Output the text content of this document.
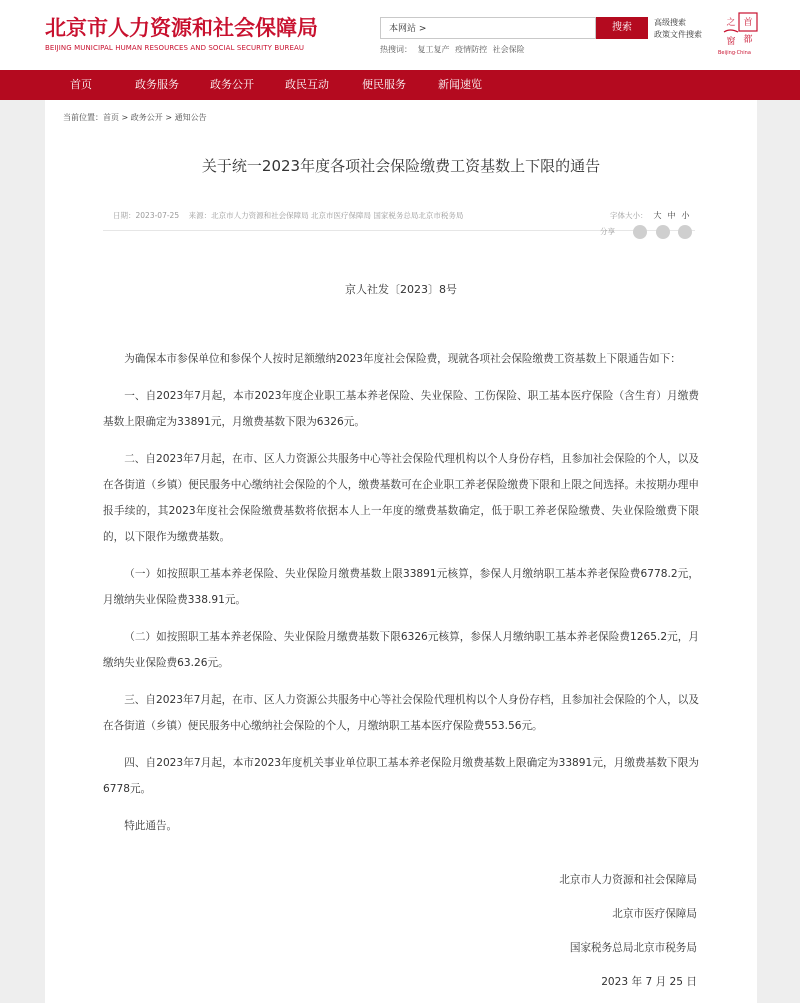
北京市人力资源和社会保障局
BEIJING MUNICIPAL HUMAN RESOURCES AND SOCIAL SECURITY BUREAU
本网站 >	搜索	高级搜索
政策文件搜索
热搜词： 复工复产 疫情防控 社会保险
首
都
之
窗
Beijing·China
首页	政务服务	政务公开	政民互动	便民服务	新闻速览
当前位置：首页 > 政务公开 > 通知公告
关于统一2023年度各项社会保险缴费工资基数上下限的通告
日期：2023-07-25 来源：北京市人力资源和社会保障局 北京市医疗保障局 国家税务总局北京市税务局	字体大小： 大 中 小
分享
京人社发〔2023〕8号

为确保本市参保单位和参保个人按时足额缴纳2023年度社会保险费，现就各项社会保险缴费工资基数上下限通告如下：

一、自2023年7月起，本市2023年度企业职工基本养老保险、失业保险、工伤保险、职工基本医疗保险（含生育）月缴费基数上限确定为33891元，月缴费基数下限为6326元。

二、自2023年7月起，在市、区人力资源公共服务中心等社会保险代理机构以个人身份存档，且参加社会保险的个人，以及在各街道（乡镇）便民服务中心缴纳社会保险的个人，缴费基数可在企业职工养老保险缴费下限和上限之间选择。未按期办理申报手续的，其2023年度社会保险缴费基数将依据本人上一年度的缴费基数确定，低于职工养老保险缴费、失业保险缴费下限的，以下限作为缴费基数。

（一）如按照职工基本养老保险、失业保险月缴费基数上限33891元核算，参保人月缴纳职工基本养老保险费6778.2元，月缴纳失业保险费338.91元。

（二）如按照职工基本养老保险、失业保险月缴费基数下限6326元核算，参保人月缴纳职工基本养老保险费1265.2元，月缴纳失业保险费63.26元。

三、自2023年7月起，在市、区人力资源公共服务中心等社会保险代理机构以个人身份存档，且参加社会保险的个人，以及在各街道（乡镇）便民服务中心缴纳社会保险的个人，月缴纳职工基本医疗保险费553.56元。

四、自2023年7月起，本市2023年度机关事业单位职工基本养老保险月缴费基数上限确定为33891元，月缴费基数下限为6778元。

特此通告。

北京市人力资源和社会保障局
北京市医疗保障局
国家税务总局北京市税务局
2023 年 7 月 25 日
